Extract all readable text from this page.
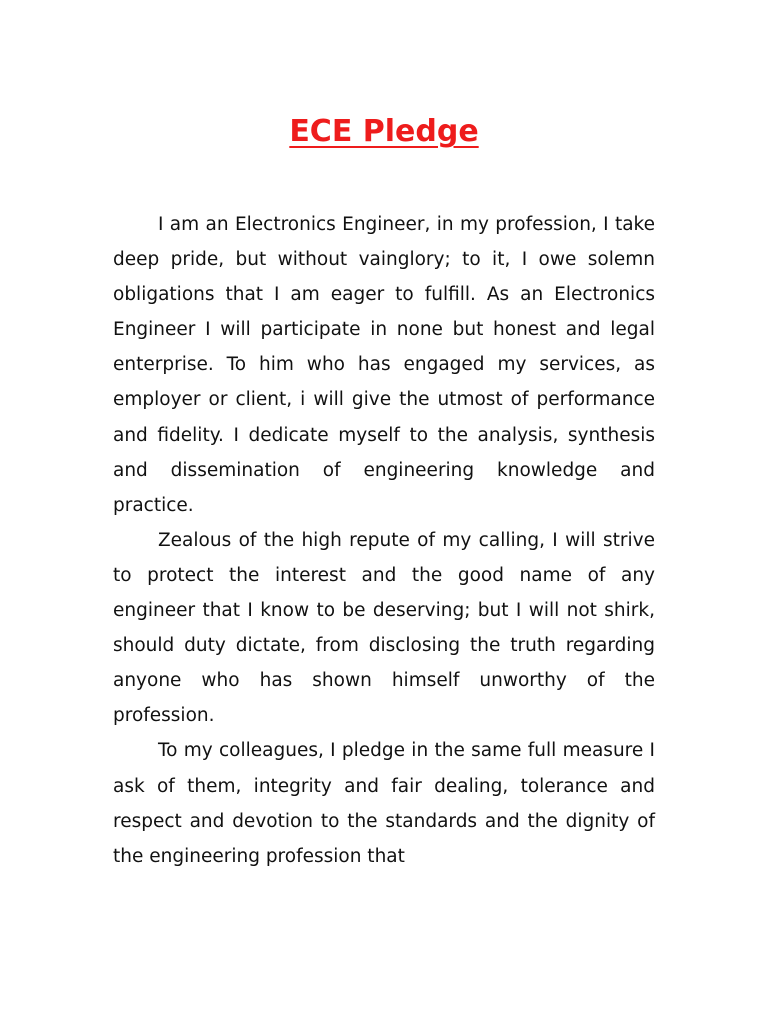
ECE Pledge

I am an Electronics Engineer, in my profession, I take deep pride, but without vainglory; to it, I owe solemn obligations that I am eager to fulfill. As an Electronics Engineer I will participate in none but honest and legal enterprise. To him who has engaged my services, as employer or client, i will give the utmost of performance and fidelity. I dedicate myself to the analysis, synthesis and dissemination of engineering knowledge and practice.

Zealous of the high repute of my calling, I will strive to protect the interest and the good name of any engineer that I know to be deserving; but I will not shirk, should duty dictate, from disclosing the truth regarding anyone who has shown himself unworthy of the profession.

To my colleagues, I pledge in the same full measure I ask of them, integrity and fair dealing, tolerance and respect and devotion to the standards and the dignity of the engineering profession that
